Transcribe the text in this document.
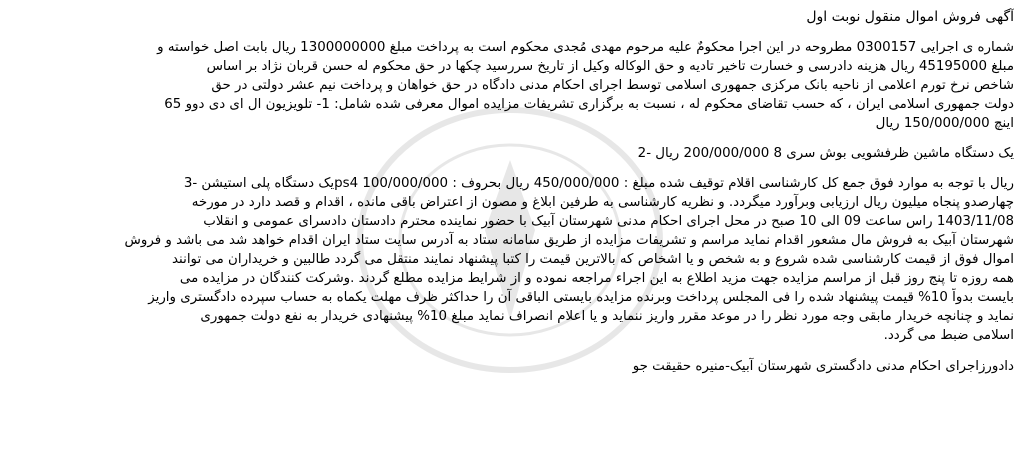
آگهی فروش اموال منقول نوبت اول
شماره ی اجرایی 0300157 مطروحه در این اجرا محکومٌ علیه مرحوم مهدی مُجدی محکوم است به پرداخت مبلغ 1300000000 ریال بابت اصل خواسته و
مبلغ 45195000 ریال هزینه دادرسی و خسارت تاخیر تادیه و حق الوکاله وکیل از تاریخ سررسید چکها در حق محکوم له حسن قربان نژاد بر اساس
شاخص نرخ تورم اعلامی از ناحیه بانک مرکزی جمهوری اسلامی توسط اجرای احکام مدنی دادگاه در حق خواهان و پرداخت نیم عشر دولتی در حق
دولت جمهوری اسلامی ایران ، که حسب تقاضای محکوم له ، نسبت به برگزاری تشریفات مزایده اموال معرفی شده شامل: 1- تلویزیون ال ای دی دوو 65
اینچ 150/000/000 ریال
یک دستگاه ماشین ظرفشویی بوش سری 8 200/000/000 ریال -2
ریال با توجه به موارد فوق جمع کل کارشناسی اقلام توقیف شده مبلغ : 450/000/000 ریال بحروف : 100/000/000 ps4یک دستگاه پلی استیشن -3
چهارصدو پنجاه میلیون ریال ارزیابی وبرآورد میگردد. و نظریه کارشناسی به طرفین ابلاغ و مصون از اعتراض باقی مانده ، اقدام و قصد دارد در مورخه
1403/11/08 راس ساعت 09 الی 10 صبح در محل اجرای احکام مدنی شهرستان آبیک با حضور نماینده محترم دادستان دادسرای عمومی و انقلاب
شهرستان آبیک به فروش مال مشعور اقدام نماید مراسم و تشریفات مزایده از طریق سامانه ستاد به آدرس سایت ستاد ایران اقدام خواهد شد می باشد و فروش
اموال فوق از قیمت کارشناسی شده شروع و به شخص و یا اشخاص که بالاترین قیمت را کتبا پیشنهاد نمایند منتقل می گردد طالبین و خریداران می توانند
همه روزه تا پنج روز قبل از مراسم مزایده جهت مزید اطلاع به این اجراء مراجعه نموده و از شرایط مزایده مطلع گردند .وشرکت کنندگان در مزایده می
بایست بدواً 10% قیمت پیشنهاد شده را فی المجلس پرداخت وبرنده مزایده بایستی الباقی آن را حداکثر ظرف مهلت یکماه به حساب سپرده دادگستری واریز
نماید و چنانچه خریدار مابقی وجه مورد نظر را در موعد مقرر واریز ننماید و یا اعلام انصراف نماید مبلغ 10% پیشنهادی خریدار به نفع دولت جمهوری
اسلامی ضبط می گردد.
دادورزاجرای احکام مدنی دادگستری شهرستان آبیک-منیره حقیقت جو
